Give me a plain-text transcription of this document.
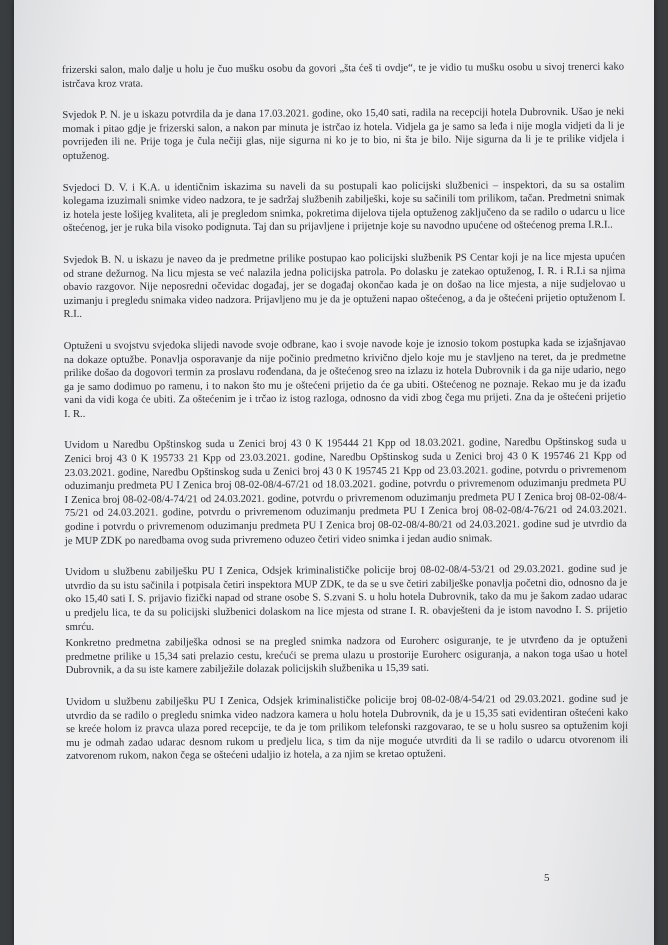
frizerski salon, malo dalje u holu je čuo mušku osobu da govori „šta ćeš ti ovdje“, te je vidio tu mušku osobu u sivoj trenerci kako istrčava kroz vrata.

Svjedok P. N. je u iskazu potvrdila da je dana 17.03.2021. godine, oko 15,40 sati, radila na recepciji hotela Dubrovnik. Ušao je neki momak i pitao gdje je frizerski salon, a nakon par minuta je istrčao iz hotela. Vidjela ga je samo sa leđa i nije mogla vidjeti da li je povrijeđen ili ne. Prije toga je čula nečiji glas, nije sigurna ni ko je to bio, ni šta je bilo. Nije sigurna da li je te prilike vidjela i optuženog.

Svjedoci D. V. i K.A. u identičnim iskazima su naveli da su postupali kao policijski službenici – inspektori, da su sa ostalim kolegama izuzimali snimke video nadzora, te je sadržaj službenih zabilješki, koje su sačinili tom prilikom, tačan. Predmetni snimak iz hotela jeste lošijeg kvaliteta, ali je pregledom snimka, pokretima dijelova tijela optuženog zaključeno da se radilo o udarcu u lice oštećenog, jer je ruka bila visoko podignuta. Taj dan su prijavljene i prijetnje koje su navodno upućene od oštećenog prema I.R.I..

Svjedok B. N. u iskazu je naveo da je predmetne prilike postupao kao policijski službenik PS Centar koji je na lice mjesta upućen od strane dežurnog. Na licu mjesta se već nalazila jedna policijska patrola. Po dolasku je zatekao optuženog, I. R. i R.I.i sa njima obavio razgovor. Nije neposredni očevidac događaj, jer se događaj okončao kada je on došao na lice mjesta, a nije sudjelovao u uzimanju i pregledu snimaka video nadzora. Prijavljeno mu je da je optuženi napao oštećenog, a da je oštećeni prijetio optuženom I. R.I..

Optuženi u svojstvu svjedoka slijedi navode svoje odbrane, kao i svoje navode koje je iznosio tokom postupka kada se izjašnjavao na dokaze optužbe. Ponavlja osporavanje da nije počinio predmetno krivično djelo koje mu je stavljeno na teret, da je predmetne prilike došao da dogovori termin za proslavu rođendana, da je oštećenog sreo na izlazu iz hotela Dubrovnik i da ga nije udario, nego ga je samo dodimuo po ramenu, i to nakon što mu je oštećeni prijetio da će ga ubiti. Oštećenog ne poznaje. Rekao mu je da izađu vani da vidi koga će ubiti. Za oštećenim je i trčao iz istog razloga, odnosno da vidi zbog čega mu prijeti. Zna da je oštećeni prijetio I. R..

Uvidom u Naredbu Opštinskog suda u Zenici broj 43 0 K 195444 21 Kpp od 18.03.2021. godine, Naredbu Opštinskog suda u Zenici broj 43 0 K 195733 21 Kpp od 23.03.2021. godine, Naredbu Opštinskog suda u Zenici broj 43 0 K 195746 21 Kpp od 23.03.2021. godine, Naredbu Opštinskog suda u Zenici broj 43 0 K 195745 21 Kpp od 23.03.2021. godine, potvrdu o privremenom oduzimanju predmeta PU I Zenica broj 08-02-08/4-67/21 od 18.03.2021. godine, potvrdu o privremenom oduzimanju predmeta PU I Zenica broj 08-02-08/4-74/21 od 24.03.2021. godine, potvrdu o privremenom oduzimanju predmeta PU I Zenica broj 08-02-08/4-75/21 od 24.03.2021. godine, potvrdu o privremenom oduzimanju predmeta PU I Zenica broj 08-02-08/4-76/21 od 24.03.2021. godine i potvrdu o privremenom oduzimanju predmeta PU I Zenica broj 08-02-08/4-80/21 od 24.03.2021. godine sud je utvrdio da je MUP ZDK po naredbama ovog suda privremeno oduzeo četiri video snimka i jedan audio snimak.

Uvidom u službenu zabilješku PU I Zenica, Odsjek kriminalističke policije broj 08-02-08/4-53/21 od 29.03.2021. godine sud je utvrdio da su istu sačinila i potpisala četiri inspektora MUP ZDK, te da se u sve četiri zabilješke ponavlja početni dio, odnosno da je oko 15,40 sati I. S. prijavio fizički napad od strane osobe S. S.zvani S. u holu hotela Dubrovnik, tako da mu je šakom zadao udarac u predjelu lica, te da su policijski službenici dolaskom na lice mjesta od strane I. R. obavješteni da je istom navodno I. S. prijetio smrću.

Konkretno predmetna zabilješka odnosi se na pregled snimka nadzora od Euroherc osiguranje, te je utvrđeno da je optuženi predmetne prilike u 15,34 sati prelazio cestu, krećući se prema ulazu u prostorije Euroherc osiguranja, a nakon toga ušao u hotel Dubrovnik, a da su iste kamere zabilježile dolazak policijskih službenika u 15,39 sati.

Uvidom u službenu zabilješku PU I Zenica, Odsjek kriminalističke policije broj 08-02-08/4-54/21 od 29.03.2021. godine sud je utvrdio da se radilo o pregledu snimka video nadzora kamera u holu hotela Dubrovnik, da je u 15,35 sati evidentiran oštećeni kako se kreće holom iz pravca ulaza pored recepcije, te da je tom prilikom telefonski razgovarao, te se u holu susreo sa optuženim koji mu je odmah zadao udarac desnom rukom u predjelu lica, s tim da nije moguće utvrditi da li se radilo o udarcu otvorenom ili zatvorenom rukom, nakon čega se oštećeni udaljio iz hotela, a za njim se kretao optuženi.

5
